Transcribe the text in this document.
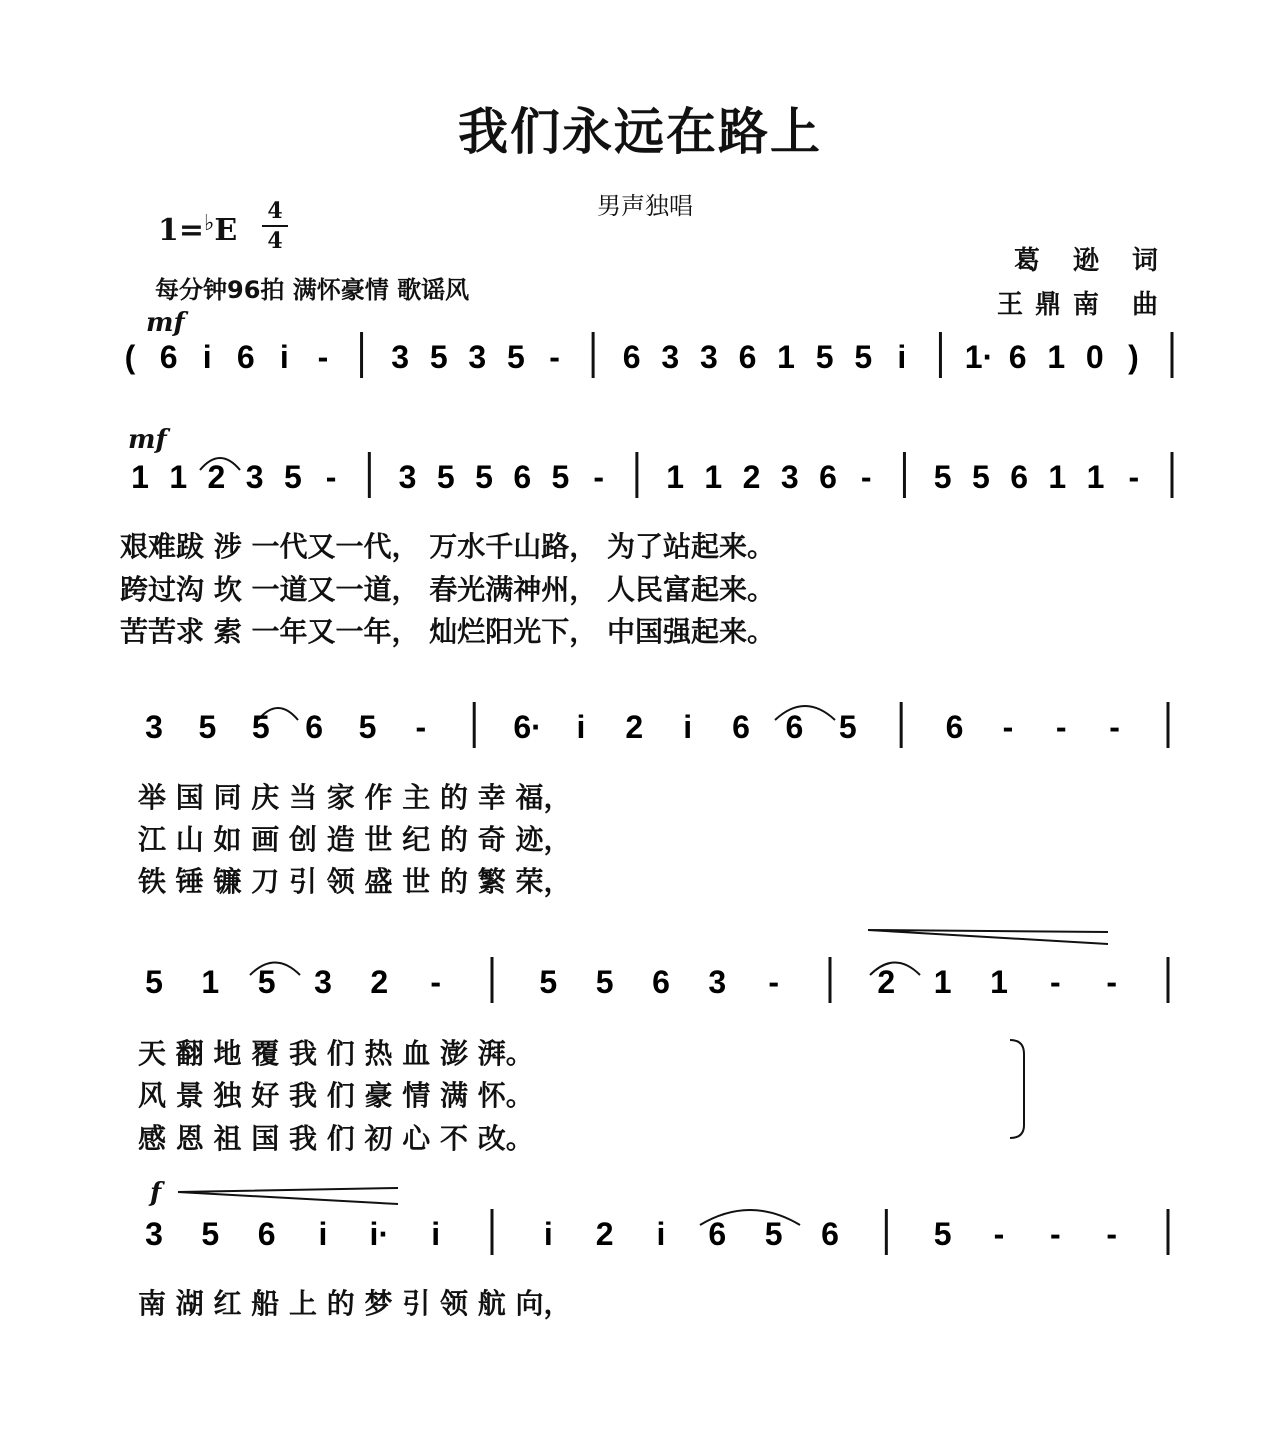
我们永远在路上
男声独唱
1=♭E
4
4
每分钟96拍 满怀豪情 歌谣风
葛 逊 词
王鼎南 曲
mf
mf
f
艰难跋 涉 一代又一代， 万水千山路， 为了站起来。
跨过沟 坎 一道又一道， 春光满神州， 人民富起来。
苦苦求 索 一年又一年， 灿烂阳光下， 中国强起来。
举 国 同 庆 当 家 作 主 的 幸 福，
江 山 如 画 创 造 世 纪 的 奇 迹，
铁 锤 镰 刀 引 领 盛 世 的 繁 荣，
天 翻 地 覆 我 们 热 血 澎 湃。
风 景 独 好 我 们 豪 情 满 怀。
感 恩 祖 国 我 们 初 心 不 改。
南 湖 红 船 上 的 梦 引 领 航 向，
( 6 i 6 i - 3 5 3 5 - 6 3 3 6 1 5 5 i 1· 6 1 0 )
1 1 2 3 5 - 3 5 5 6 5 - 1 1 2 3 6 - 5 5 6 1 1 -
3 5 5 6 5 -	6· i 2 i 6 6 5	6 - - -
5 1 5 3 2 -	5 5 6 3 -	2 1 1 - -
3 5 6 i i· i	i 2 i 6 5 6	5 - - -
